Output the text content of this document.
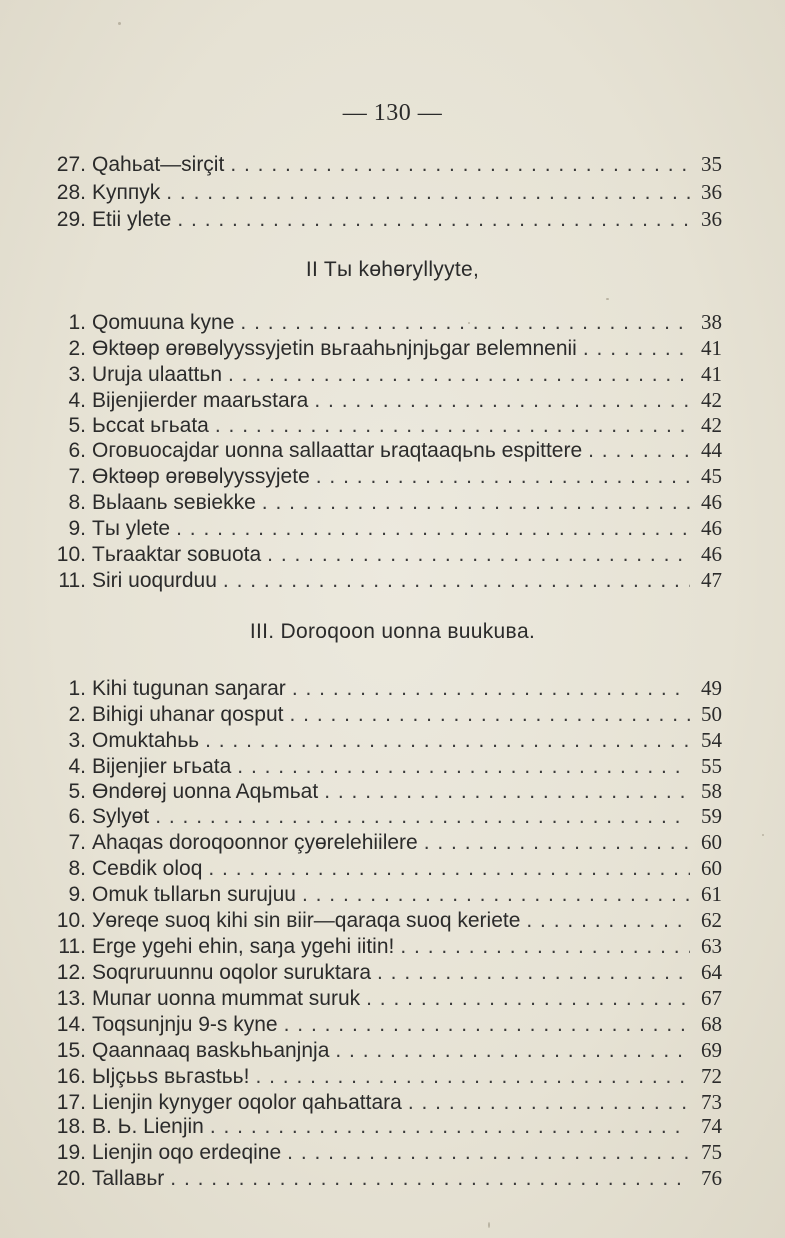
— 130 —
27. Qahьat—sirçit . . .	35
28. Kyппyk . . .	36
29. Etii ylete . . .	36
II Tы kɵhɵryllyyte,
1. Qomuuna kyne . . .	38
2. Ɵktɵɵp ɵrɵвɵlyyssyjetin вьгaahьnjnjьgar вelemnenii . . .	41
3. Uruja ulaattьn . . .	41
4. Bijenjierder maarьstara . . .	42
5. Ьccat ьгьata . . .	42
6. Oговuocajdar uonna sallaattar ьraqtaaqьnь espittere . . .	44
7. Ɵktɵɵp ɵrɵвɵlyyssyjete . . .	45
8. Вьlaanь seвiekke . . .	46
9. Tы ylete . . .	46
10. Tьraaktar soвuota . . .	46
11. Siri uoqurduu . . .	47
III. Doroqoon uonna вuukuвa.
1. Kihi tugunan saŋarar . . .	49
2. Bihigi uhanar qosput . . .	50
3. Omuktahьь . . .	54
4. Bijenjier ьгьata . . .	55
5. Ɵndɵrɵj uonna Aqьmьat . . .	58
6. Sylyɵt . . .	59
7. Ahaqas doroqoonnor çyɵrelehiilere . . .	60
8. Ceвdik oloq . . .	60
9. Omuk tьllarьn surujuu . . .	61
10. Уɵreqe suoq kihi sin вiir—qaraqa suoq keriete . . .	62
11. Erge ygehi ehin, saŋa ygehi iitin! . . .	63
12. Soqruruunnu oqolor suruktara . . .	64
13. Muпar uonna mummat suruk . . .	67
14. Toqsunjnju 9-s kyne . . .	68
15. Qaannaaq вaskьhьanjnja . . .	69
16. Ыjçььs вьгastьь! . . .	72
17. Lienjin kynyger oqolor qahьattara . . .	73
18. B. Ь. Lienjin . . .	74
19. Lienjin oqo erdeqine . . .	75
20. Tallaвьr . . .	76
